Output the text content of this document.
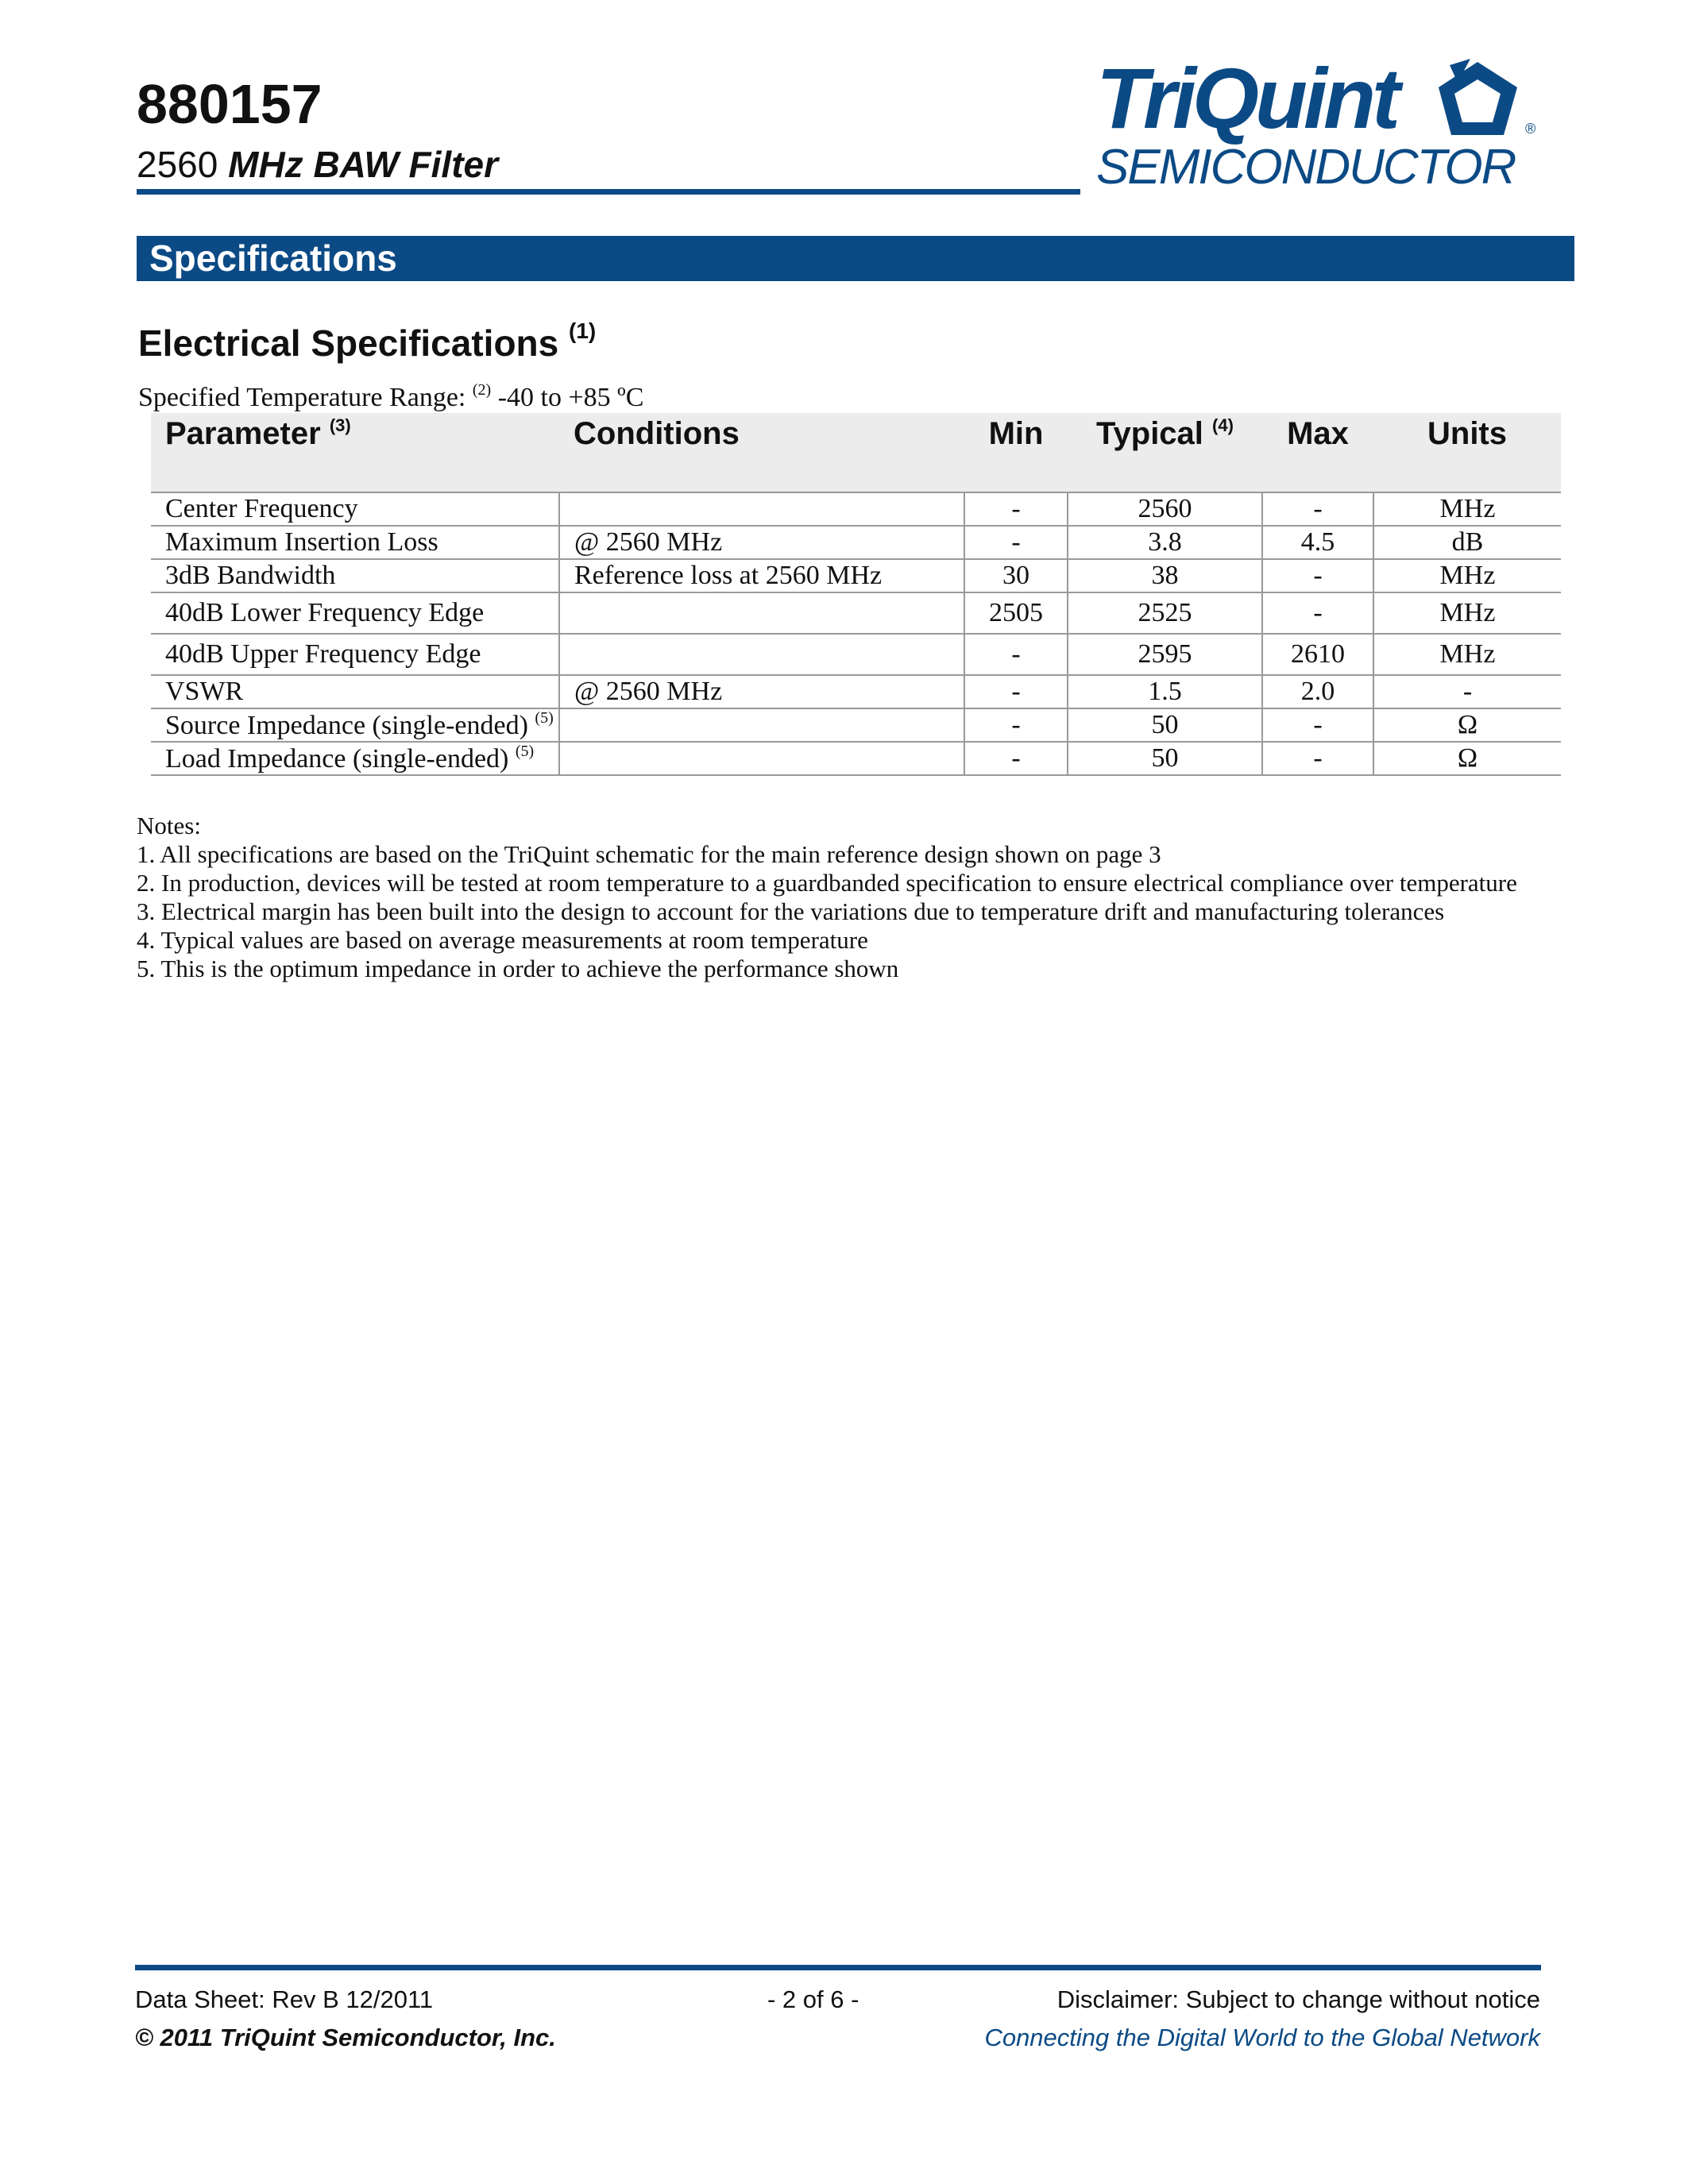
880157
2560 MHz BAW Filter
TriQuint	®
SEMICONDUCTOR
Specifications
Electrical Specifications $^{(1)}$
Specified Temperature Range: $^{(2)}$ -40 to +85 ºC
Parameter $^{(3)}$	Conditions	Min	Typical $^{(4)}$	Max	Units

Center Frequency		-	2560	-	MHz
Maximum Insertion Loss	@ 2560 MHz	-	3.8	4.5	dB
3dB Bandwidth	Reference loss at 2560 MHz	30	38	-	MHz
40dB Lower Frequency Edge		2505	2525	-	MHz
40dB Upper Frequency Edge		-	2595	2610	MHz
VSWR	@ 2560 MHz	-	1.5	2.0	-
Source Impedance (single-ended) $^{(5)}$		-	50	-	Ω
Load Impedance (single-ended) $^{(5)}$		-	50	-	Ω
Notes:
1. All specifications are based on the TriQuint schematic for the main reference design shown on page 3
2. In production, devices will be tested at room temperature to a guardbanded specification to ensure electrical compliance over temperature
3. Electrical margin has been built into the design to account for the variations due to temperature drift and manufacturing tolerances
4. Typical values are based on average measurements at room temperature
5. This is the optimum impedance in order to achieve the performance shown
Data Sheet: Rev B 12/2011	- 2 of 6 -	Disclaimer: Subject to change without notice
© 2011 TriQuint Semiconductor, Inc.	Connecting the Digital World to the Global Network
